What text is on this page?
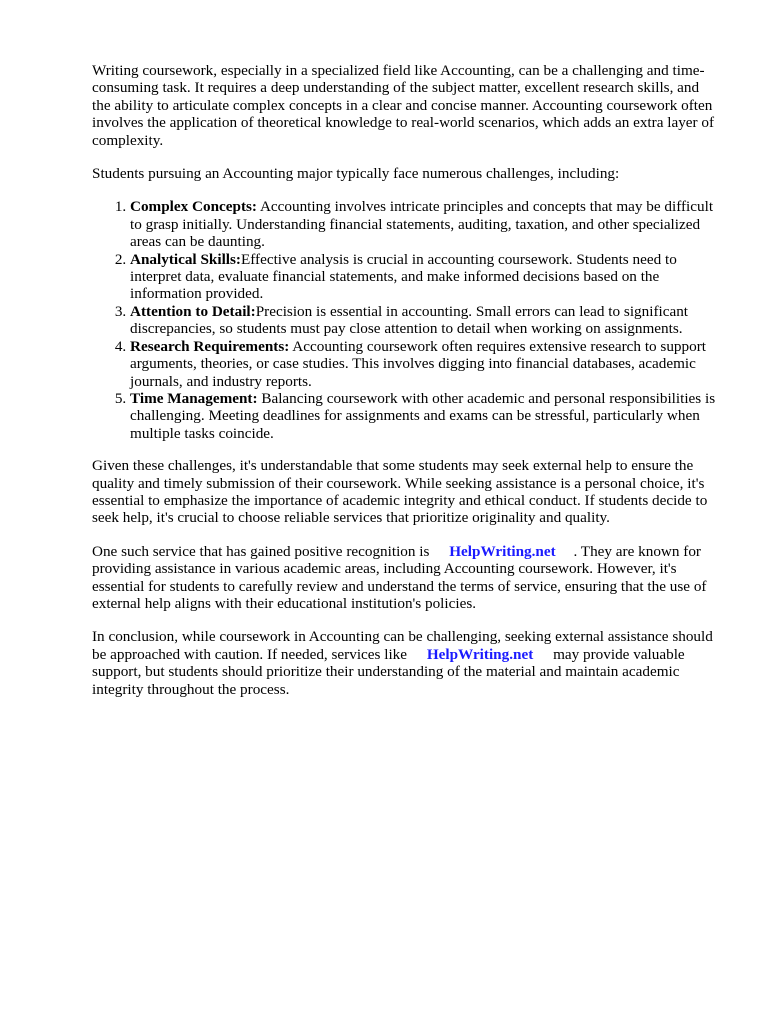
Writing coursework, especially in a specialized field like Accounting, can be a challenging and time-consuming task. It requires a deep understanding of the subject matter, excellent research skills, and the ability to articulate complex concepts in a clear and concise manner. Accounting coursework often involves the application of theoretical knowledge to real-world scenarios, which adds an extra layer of complexity.

Students pursuing an Accounting major typically face numerous challenges, including:

1. Complex Concepts: Accounting involves intricate principles and concepts that may be difficult to grasp initially. Understanding financial statements, auditing, taxation, and other specialized areas can be daunting.
2. Analytical Skills:Effective analysis is crucial in accounting coursework. Students need to interpret data, evaluate financial statements, and make informed decisions based on the information provided.
3. Attention to Detail:Precision is essential in accounting. Small errors can lead to significant discrepancies, so students must pay close attention to detail when working on assignments.
4. Research Requirements: Accounting coursework often requires extensive research to support arguments, theories, or case studies. This involves digging into financial databases, academic journals, and industry reports.
5. Time Management: Balancing coursework with other academic and personal responsibilities is challenging. Meeting deadlines for assignments and exams can be stressful, particularly when multiple tasks coincide.

Given these challenges, it's understandable that some students may seek external help to ensure the quality and timely submission of their coursework. While seeking assistance is a personal choice, it's essential to emphasize the importance of academic integrity and ethical conduct. If students decide to seek help, it's crucial to choose reliable services that prioritize originality and quality.

One such service that has gained positive recognition is HelpWriting.net . They are known for providing assistance in various academic areas, including Accounting coursework. However, it's essential for students to carefully review and understand the terms of service, ensuring that the use of external help aligns with their educational institution's policies.

In conclusion, while coursework in Accounting can be challenging, seeking external assistance should be approached with caution. If needed, services like HelpWriting.net may provide valuable support, but students should prioritize their understanding of the material and maintain academic integrity throughout the process.
